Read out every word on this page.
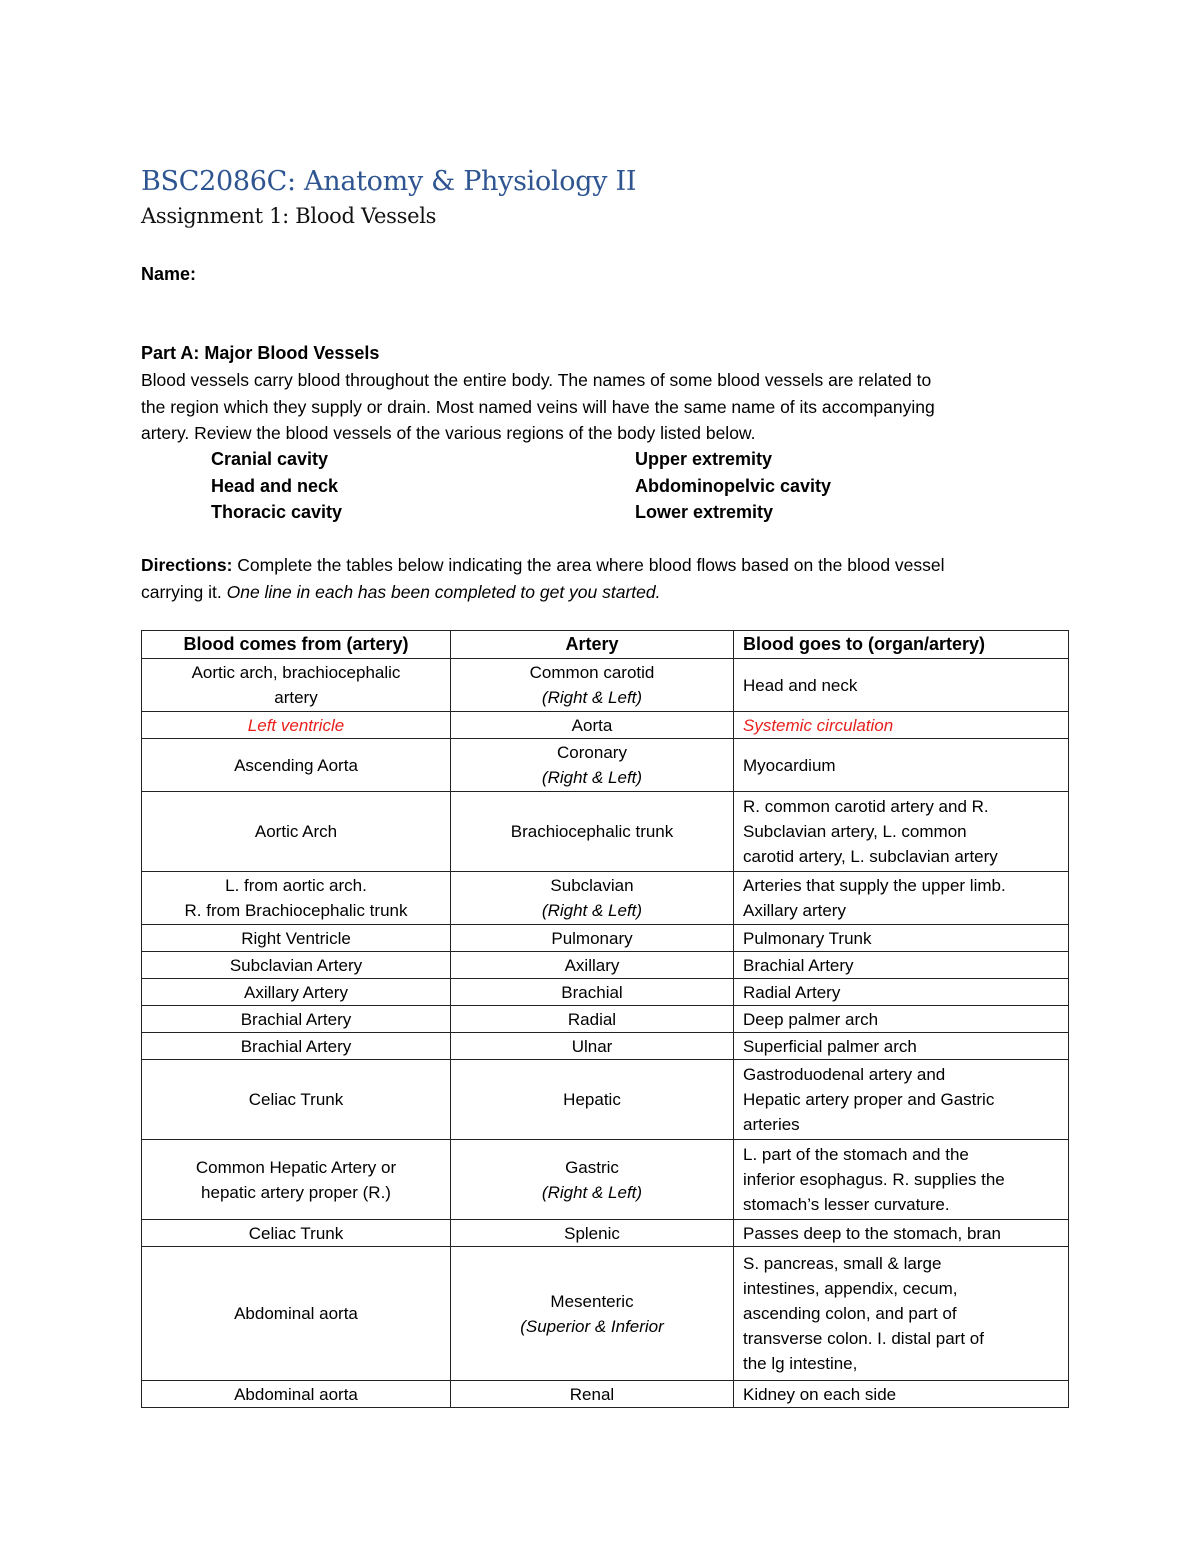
BSC2086C: Anatomy & Physiology II
Assignment 1: Blood Vessels
Name:
Part A: Major Blood Vessels
Blood vessels carry blood throughout the entire body. The names of some blood vessels are related to
the region which they supply or drain. Most named veins will have the same name of its accompanying
artery. Review the blood vessels of the various regions of the body listed below.
Cranial cavity
Head and neck
Thoracic cavity
Upper extremity
Abdominopelvic cavity
Lower extremity
Directions: Complete the tables below indicating the area where blood flows based on the blood vessel
carrying it. One line in each has been completed to get you started.
Blood comes from (artery)	Artery	Blood goes to (organ/artery)

Aortic arch, brachiocephalic
artery	Common carotid
(Right & Left)	Head and neck

Left ventricle	Aorta	Systemic circulation

Ascending Aorta	Coronary
(Right & Left)	Myocardium

Aortic Arch	Brachiocephalic trunk	R. common carotid artery and R.
Subclavian artery, L. common
carotid artery, L. subclavian artery

L. from aortic arch.
R. from Brachiocephalic trunk	Subclavian
(Right & Left)	Arteries that supply the upper limb.
Axillary artery

Right Ventricle	Pulmonary	Pulmonary Trunk

Subclavian Artery	Axillary	Brachial Artery

Axillary Artery	Brachial	Radial Artery

Brachial Artery	Radial	Deep palmer arch

Brachial Artery	Ulnar	Superficial palmer arch

Celiac Trunk	Hepatic	Gastroduodenal artery and
Hepatic artery proper and Gastric
arteries

Common Hepatic Artery or
hepatic artery proper (R.)	Gastric
(Right & Left)	L. part of the stomach and the
inferior esophagus. R. supplies the
stomach’s lesser curvature.

Celiac Trunk	Splenic	Passes deep to the stomach, bran

Abdominal aorta	Mesenteric
(Superior & Inferior	S. pancreas, small & large
intestines, appendix, cecum,
ascending colon, and part of
transverse colon. I. distal part of
the lg intestine,

Abdominal aorta	Renal	Kidney on each side
